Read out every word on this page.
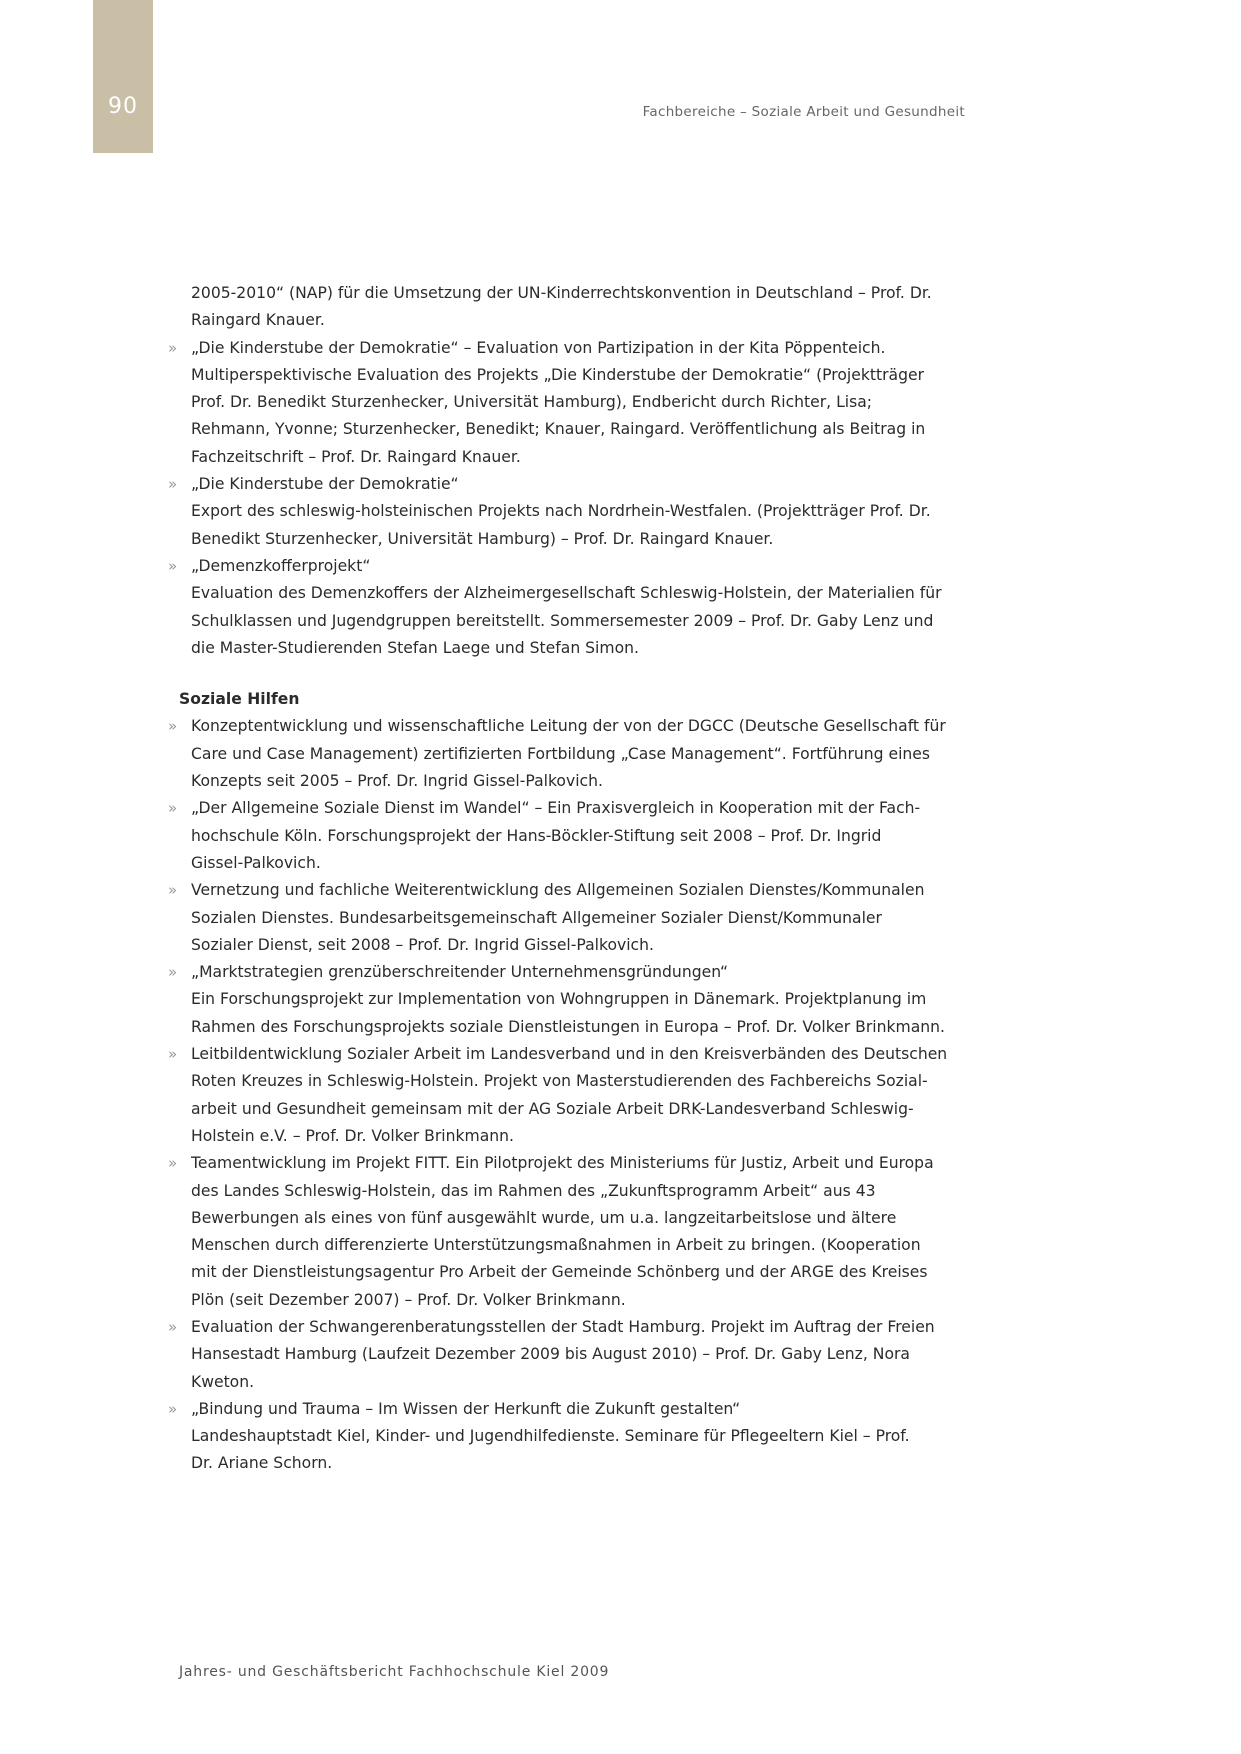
90	Fachbereiche – Soziale Arbeit und Gesundheit
2005-2010“ (NAP) für die Umsetzung der UN-Kinderrechtskonvention in Deutschland – Prof. Dr.
Raingard Knauer.
» „Die Kinderstube der Demokratie“ – Evaluation von Partizipation in der Kita Pöppenteich.
Multiperspektivische Evaluation des Projekts „Die Kinderstube der Demokratie“ (Projektträger
Prof. Dr. Benedikt Sturzenhecker, Universität Hamburg), Endbericht durch Richter, Lisa;
Rehmann, Yvonne; Sturzenhecker, Benedikt; Knauer, Raingard. Veröffentlichung als Beitrag in
Fachzeitschrift – Prof. Dr. Raingard Knauer.
» „Die Kinderstube der Demokratie“
Export des schleswig-holsteinischen Projekts nach Nordrhein-Westfalen. (Projektträger Prof. Dr.
Benedikt Sturzenhecker, Universität Hamburg) – Prof. Dr. Raingard Knauer.
» „Demenzkofferprojekt“
Evaluation des Demenzkoffers der Alzheimergesellschaft Schleswig-Holstein, der Materialien für
Schulklassen und Jugendgruppen bereitstellt. Sommersemester 2009 – Prof. Dr. Gaby Lenz und
die Master-Studierenden Stefan Laege und Stefan Simon.
Soziale Hilfen
» Konzeptentwicklung und wissenschaftliche Leitung der von der DGCC (Deutsche Gesellschaft für
Care und Case Management) zertifizierten Fortbildung „Case Management“. Fortführung eines
Konzepts seit 2005 – Prof. Dr. Ingrid Gissel-Palkovich.
» „Der Allgemeine Soziale Dienst im Wandel“ – Ein Praxisvergleich in Kooperation mit der Fach-
hochschule Köln. Forschungsprojekt der Hans-Böckler-Stiftung seit 2008 – Prof. Dr. Ingrid
Gissel-Palkovich.
» Vernetzung und fachliche Weiterentwicklung des Allgemeinen Sozialen Dienstes/Kommunalen
Sozialen Dienstes. Bundesarbeitsgemeinschaft Allgemeiner Sozialer Dienst/Kommunaler
Sozialer Dienst, seit 2008 – Prof. Dr. Ingrid Gissel-Palkovich.
» „Marktstrategien grenzüberschreitender Unternehmensgründungen“
Ein Forschungsprojekt zur Implementation von Wohngruppen in Dänemark. Projektplanung im
Rahmen des Forschungsprojekts soziale Dienstleistungen in Europa – Prof. Dr. Volker Brinkmann.
» Leitbildentwicklung Sozialer Arbeit im Landesverband und in den Kreisverbänden des Deutschen
Roten Kreuzes in Schleswig-Holstein. Projekt von Masterstudierenden des Fachbereichs Sozial-
arbeit und Gesundheit gemeinsam mit der AG Soziale Arbeit DRK-Landesverband Schleswig-
Holstein e.V. – Prof. Dr. Volker Brinkmann.
» Teamentwicklung im Projekt FITT. Ein Pilotprojekt des Ministeriums für Justiz, Arbeit und Europa
des Landes Schleswig-Holstein, das im Rahmen des „Zukunftsprogramm Arbeit“ aus 43
Bewerbungen als eines von fünf ausgewählt wurde, um u.a. langzeitarbeitslose und ältere
Menschen durch differenzierte Unterstützungsmaßnahmen in Arbeit zu bringen. (Kooperation
mit der Dienstleistungsagentur Pro Arbeit der Gemeinde Schönberg und der ARGE des Kreises
Plön (seit Dezember 2007) – Prof. Dr. Volker Brinkmann.
» Evaluation der Schwangerenberatungsstellen der Stadt Hamburg. Projekt im Auftrag der Freien
Hansestadt Hamburg (Laufzeit Dezember 2009 bis August 2010) – Prof. Dr. Gaby Lenz, Nora
Kweton.
» „Bindung und Trauma – Im Wissen der Herkunft die Zukunft gestalten“
Landeshauptstadt Kiel, Kinder- und Jugendhilfedienste. Seminare für Pflegeeltern Kiel – Prof.
Dr. Ariane Schorn.
Jahres- und Geschäftsbericht Fachhochschule Kiel 2009
